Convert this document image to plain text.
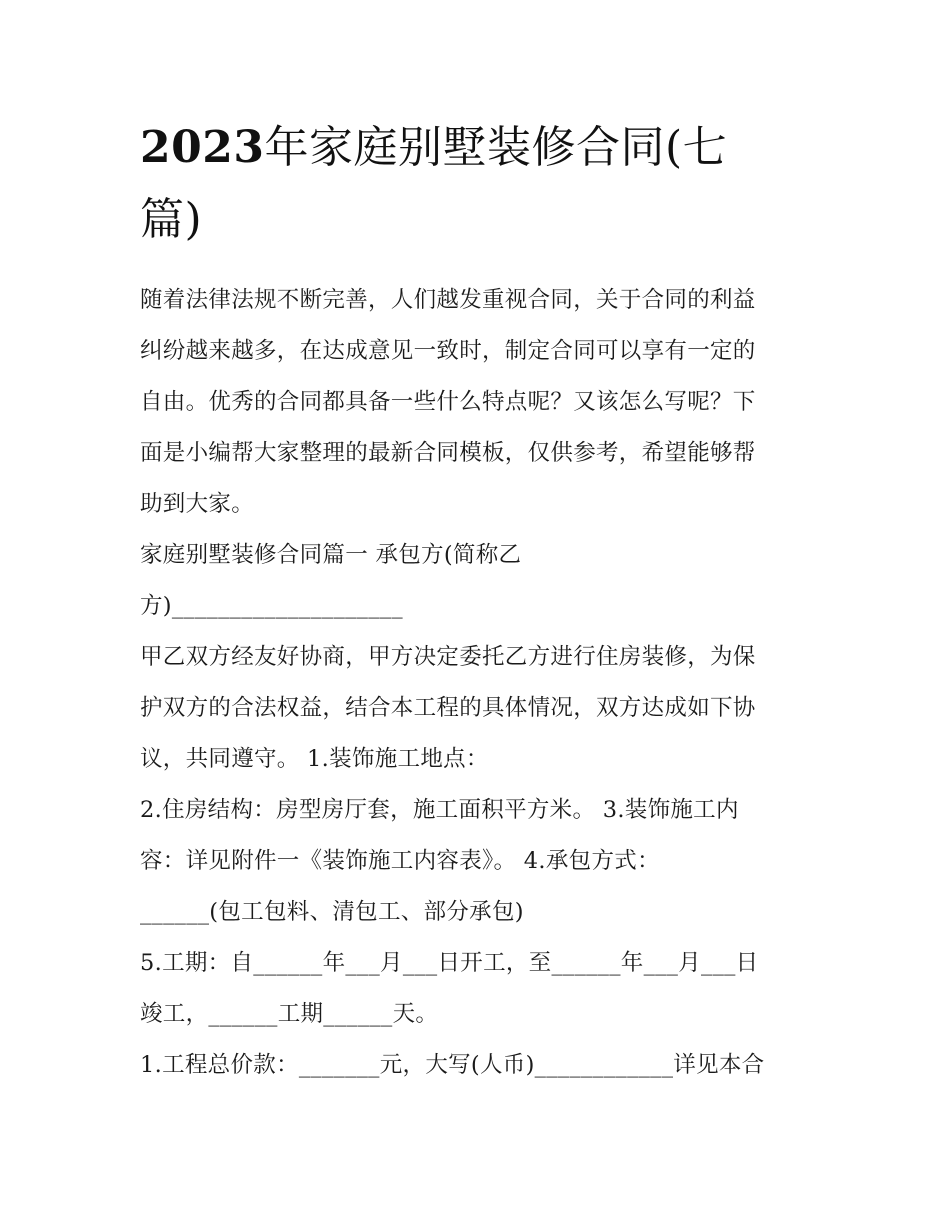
2023年家庭别墅装修合同(七
篇)
随着法律法规不断完善，人们越发重视合同，关于合同的利益
纠纷越来越多，在达成意见一致时，制定合同可以享有一定的
自由。优秀的合同都具备一些什么特点呢？又该怎么写呢？下
面是小编帮大家整理的最新合同模板，仅供参考，希望能够帮
助到大家。
家庭别墅装修合同篇一 承包方(简称乙
方)____________________
甲乙双方经友好协商，甲方决定委托乙方进行住房装修，为保
护双方的合法权益，结合本工程的具体情况，双方达成如下协
议，共同遵守。 1.装饰施工地点：
2.住房结构：房型房厅套，施工面积平方米。 3.装饰施工内
容：详见附件一《装饰施工内容表》。 4.承包方式：
______(包工包料、清包工、部分承包)
5.工期：自______年___月___日开工，至______年___月___日
竣工，______工期______天。
1.工程总价款：_______元，大写(人币)____________详见本合
